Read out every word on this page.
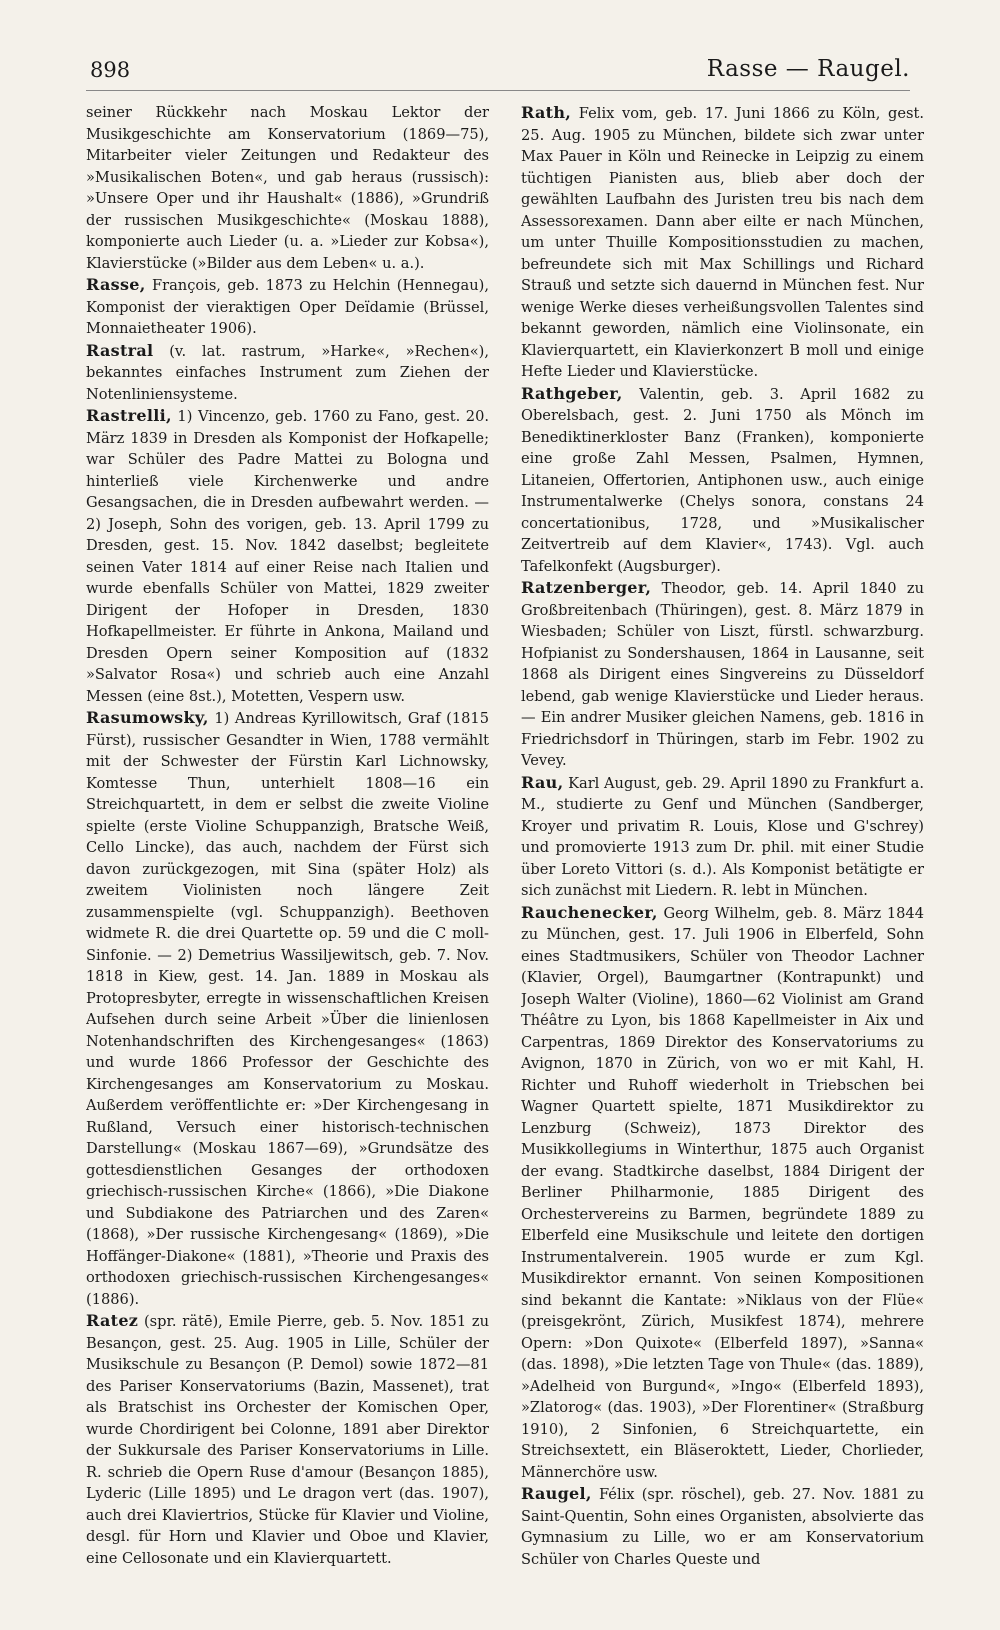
898	Rasse — Raugel.

seiner Rückkehr nach Moskau Lektor der Musikgeschichte am Konservatorium (1869—75), Mitarbeiter vieler Zeitungen und Redakteur des »Musikalischen Boten«, und gab heraus (russisch): »Unsere Oper und ihr Haushalt« (1886), »Grundriß der russischen Musikgeschichte« (Moskau 1888), komponierte auch Lieder (u. a. »Lieder zur Kobsa«), Klavierstücke (»Bilder aus dem Leben« u. a.).

Rasse, François, geb. 1873 zu Helchin (Hennegau), Komponist der vieraktigen Oper Deïdamie (Brüssel, Monnaietheater 1906).

Rastral (v. lat. rastrum, »Harke«, »Rechen«), bekanntes einfaches Instrument zum Ziehen der Notenliniensysteme.

Rastrelli, 1) Vincenzo, geb. 1760 zu Fano, gest. 20. März 1839 in Dresden als Komponist der Hofkapelle; war Schüler des Padre Mattei zu Bologna und hinterließ viele Kirchenwerke und andre Gesangsachen, die in Dresden aufbewahrt werden. — 2) Joseph, Sohn des vorigen, geb. 13. April 1799 zu Dresden, gest. 15. Nov. 1842 daselbst; begleitete seinen Vater 1814 auf einer Reise nach Italien und wurde ebenfalls Schüler von Mattei, 1829 zweiter Dirigent der Hofoper in Dresden, 1830 Hofkapellmeister. Er führte in Ankona, Mailand und Dresden Opern seiner Komposition auf (1832 »Salvator Rosa«) und schrieb auch eine Anzahl Messen (eine 8st.), Motetten, Vespern usw.

Rasumowsky, 1) Andreas Kyrillowitsch, Graf (1815 Fürst), russischer Gesandter in Wien, 1788 vermählt mit der Schwester der Fürstin Karl Lichnowsky, Komtesse Thun, unterhielt 1808—16 ein Streichquartett, in dem er selbst die zweite Violine spielte (erste Violine Schuppanzigh, Bratsche Weiß, Cello Lincke), das auch, nachdem der Fürst sich davon zurückgezogen, mit Sina (später Holz) als zweitem Violinisten noch längere Zeit zusammenspielte (vgl. Schuppanzigh). Beethoven widmete R. die drei Quartette op. 59 und die C moll-Sinfonie. — 2) Demetrius Wassiljewitsch, geb. 7. Nov. 1818 in Kiew, gest. 14. Jan. 1889 in Moskau als Protopresbyter, erregte in wissenschaftlichen Kreisen Aufsehen durch seine Arbeit »Über die linienlosen Notenhandschriften des Kirchengesanges« (1863) und wurde 1866 Professor der Geschichte des Kirchengesanges am Konservatorium zu Moskau. Außerdem veröffentlichte er: »Der Kirchengesang in Rußland, Versuch einer historisch-technischen Darstellung« (Moskau 1867—69), »Grundsätze des gottesdienstlichen Gesanges der orthodoxen griechisch-russischen Kirche« (1866), »Die Diakone und Subdiakone des Patriarchen und des Zaren« (1868), »Der russische Kirchengesang« (1869), »Die Hoffänger-Diakone« (1881), »Theorie und Praxis des orthodoxen griechisch-russischen Kirchengesanges« (1886).

Ratez (spr. rätē), Emile Pierre, geb. 5. Nov. 1851 zu Besançon, gest. 25. Aug. 1905 in Lille, Schüler der Musikschule zu Besançon (P. Demol) sowie 1872—81 des Pariser Konservatoriums (Bazin, Massenet), trat als Bratschist ins Orchester der Komischen Oper, wurde Chordirigent bei Colonne, 1891 aber Direktor der Sukkursale des Pariser Konservatoriums in Lille. R. schrieb die Opern Ruse d'amour (Besançon 1885), Lyderic (Lille 1895) und Le dragon vert (das. 1907), auch drei Klaviertrios, Stücke für Klavier und Violine, desgl. für Horn und Klavier und Oboe und Klavier, eine Cellosonate und ein Klavierquartett.

Rath, Felix vom, geb. 17. Juni 1866 zu Köln, gest. 25. Aug. 1905 zu München, bildete sich zwar unter Max Pauer in Köln und Reinecke in Leipzig zu einem tüchtigen Pianisten aus, blieb aber doch der gewählten Laufbahn des Juristen treu bis nach dem Assessorexamen. Dann aber eilte er nach München, um unter Thuille Kompositionsstudien zu machen, befreundete sich mit Max Schillings und Richard Strauß und setzte sich dauernd in München fest. Nur wenige Werke dieses verheißungsvollen Talentes sind bekannt geworden, nämlich eine Violinsonate, ein Klavierquartett, ein Klavierkonzert B moll und einige Hefte Lieder und Klavierstücke.

Rathgeber, Valentin, geb. 3. April 1682 zu Oberelsbach, gest. 2. Juni 1750 als Mönch im Benediktinerkloster Banz (Franken), komponierte eine große Zahl Messen, Psalmen, Hymnen, Litaneien, Offertorien, Antiphonen usw., auch einige Instrumentalwerke (Chelys sonora, constans 24 concertationibus, 1728, und »Musikalischer Zeitvertreib auf dem Klavier«, 1743). Vgl. auch Tafelkonfekt (Augsburger).

Ratzenberger, Theodor, geb. 14. April 1840 zu Großbreitenbach (Thüringen), gest. 8. März 1879 in Wiesbaden; Schüler von Liszt, fürstl. schwarzburg. Hofpianist zu Sondershausen, 1864 in Lausanne, seit 1868 als Dirigent eines Singvereins zu Düsseldorf lebend, gab wenige Klavierstücke und Lieder heraus. — Ein andrer Musiker gleichen Namens, geb. 1816 in Friedrichsdorf in Thüringen, starb im Febr. 1902 zu Vevey.

Rau, Karl August, geb. 29. April 1890 zu Frankfurt a. M., studierte zu Genf und München (Sandberger, Kroyer und privatim R. Louis, Klose und G'schrey) und promovierte 1913 zum Dr. phil. mit einer Studie über Loreto Vittori (s. d.). Als Komponist betätigte er sich zunächst mit Liedern. R. lebt in München.

Rauchenecker, Georg Wilhelm, geb. 8. März 1844 zu München, gest. 17. Juli 1906 in Elberfeld, Sohn eines Stadtmusikers, Schüler von Theodor Lachner (Klavier, Orgel), Baumgartner (Kontrapunkt) und Joseph Walter (Violine), 1860—62 Violinist am Grand Théâtre zu Lyon, bis 1868 Kapellmeister in Aix und Carpentras, 1869 Direktor des Konservatoriums zu Avignon, 1870 in Zürich, von wo er mit Kahl, H. Richter und Ruhoff wiederholt in Triebschen bei Wagner Quartett spielte, 1871 Musikdirektor zu Lenzburg (Schweiz), 1873 Direktor des Musikkollegiums in Winterthur, 1875 auch Organist der evang. Stadtkirche daselbst, 1884 Dirigent der Berliner Philharmonie, 1885 Dirigent des Orchestervereins zu Barmen, begründete 1889 zu Elberfeld eine Musikschule und leitete den dortigen Instrumentalverein. 1905 wurde er zum Kgl. Musikdirektor ernannt. Von seinen Kompositionen sind bekannt die Kantate: »Niklaus von der Flüe« (preisgekrönt, Zürich, Musikfest 1874), mehrere Opern: »Don Quixote« (Elberfeld 1897), »Sanna« (das. 1898), »Die letzten Tage von Thule« (das. 1889), »Adelheid von Burgund«, »Ingo« (Elberfeld 1893), »Zlatorog« (das. 1903), »Der Florentiner« (Straßburg 1910), 2 Sinfonien, 6 Streichquartette, ein Streichsextett, ein Bläseroktett, Lieder, Chorlieder, Männerchöre usw.

Raugel, Félix (spr. röschel), geb. 27. Nov. 1881 zu Saint-Quentin, Sohn eines Organisten, absolvierte das Gymnasium zu Lille, wo er am Konservatorium Schüler von Charles Queste und
